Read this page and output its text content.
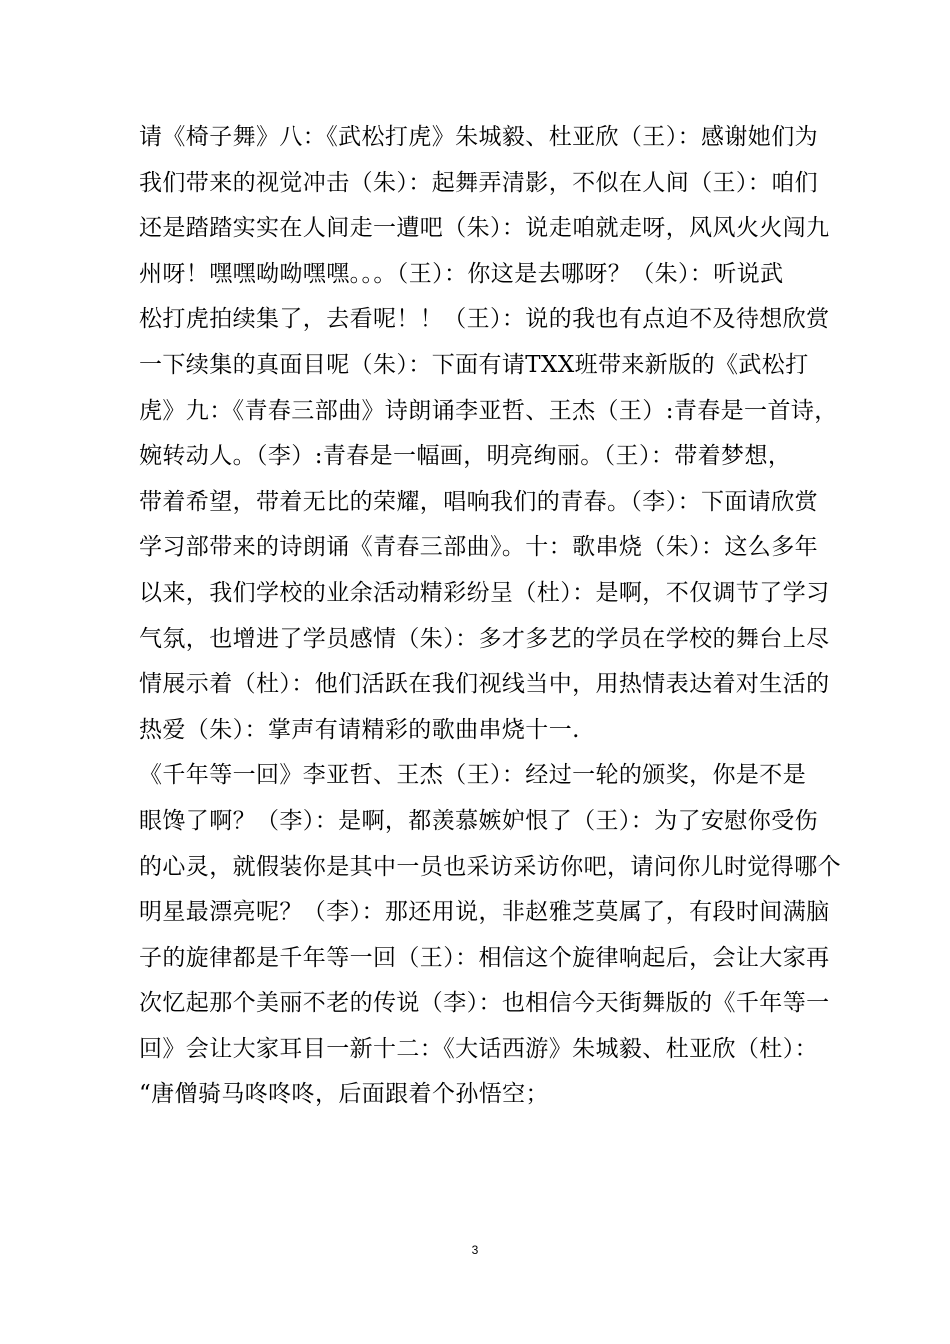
请《椅子舞》八：《武松打虎》朱城毅、杜亚欣（王）：感谢她们为
我们带来的视觉冲击（朱）：起舞弄清影，不似在人间（王）：咱们
还是踏踏实实在人间走一遭吧（朱）：说走咱就走呀，风风火火闯九
州呀！嘿嘿呦呦嘿嘿。。。（王）：你这是去哪呀？（朱）：听说武
松打虎拍续集了，去看呢！！（王）：说的我也有点迫不及待想欣赏
一下续集的真面目呢（朱）：下面有请TXX班带来新版的《武松打
虎》九：《青春三部曲》诗朗诵李亚哲、王杰（王）:青春是一首诗，
婉转动人。（李）:青春是一幅画，明亮绚丽。（王）：带着梦想，
带着希望，带着无比的荣耀，唱响我们的青春。（李）：下面请欣赏
学习部带来的诗朗诵《青春三部曲》。十：歌串烧（朱）：这么多年
以来，我们学校的业余活动精彩纷呈（杜）：是啊，不仅调节了学习
气氛，也增进了学员感情（朱）：多才多艺的学员在学校的舞台上尽
情展示着（杜）：他们活跃在我们视线当中，用热情表达着对生活的
热爱（朱）：掌声有请精彩的歌曲串烧十一.
《千年等一回》李亚哲、王杰（王）：经过一轮的颁奖，你是不是
眼馋了啊？（李）：是啊，都羡慕嫉妒恨了（王）：为了安慰你受伤
的心灵，就假装你是其中一员也采访采访你吧，请问你儿时觉得哪个
明星最漂亮呢？（李）：那还用说，非赵雅芝莫属了，有段时间满脑
子的旋律都是千年等一回（王）：相信这个旋律响起后，会让大家再
次忆起那个美丽不老的传说（李）：也相信今天街舞版的《千年等一
回》会让大家耳目一新十二：《大话西游》朱城毅、杜亚欣（杜）：
“唐僧骑马咚咚咚，后面跟着个孙悟空；
3
